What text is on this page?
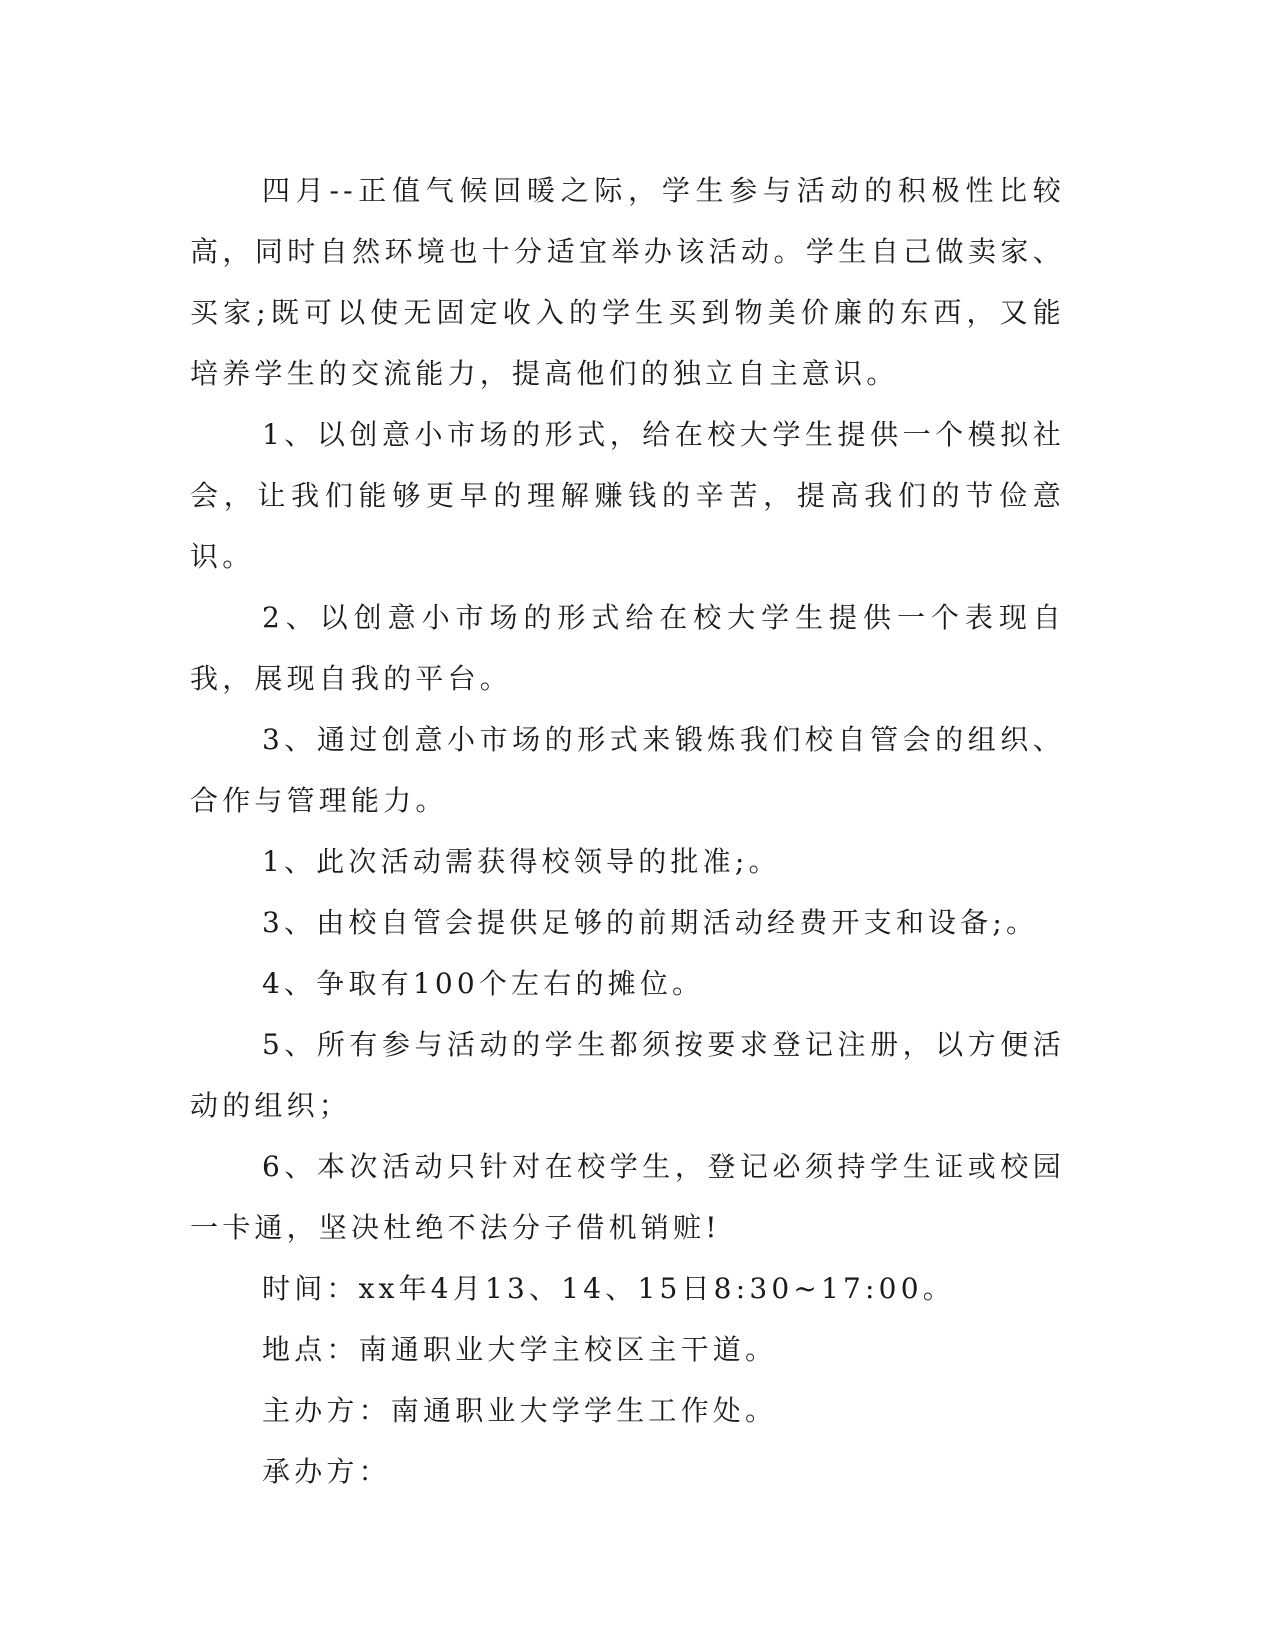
四月--正值气候回暖之际，学生参与活动的积极性比较高，同时自然环境也十分适宜举办该活动。学生自己做卖家、买家;既可以使无固定收入的学生买到物美价廉的东西，又能培养学生的交流能力，提高他们的独立自主意识。

1、以创意小市场的形式，给在校大学生提供一个模拟社会，让我们能够更早的理解赚钱的辛苦，提高我们的节俭意识。

2、以创意小市场的形式给在校大学生提供一个表现自我，展现自我的平台。

3、通过创意小市场的形式来锻炼我们校自管会的组织、合作与管理能力。

1、此次活动需获得校领导的批准;。

3、由校自管会提供足够的前期活动经费开支和设备;。

4、争取有100个左右的摊位。

5、所有参与活动的学生都须按要求登记注册，以方便活动的组织；

6、本次活动只针对在校学生，登记必须持学生证或校园一卡通，坚决杜绝不法分子借机销赃!

时间：xx年4月13、14、15日8:30~17:00。

地点：南通职业大学主校区主干道。

主办方：南通职业大学学生工作处。

承办方：
